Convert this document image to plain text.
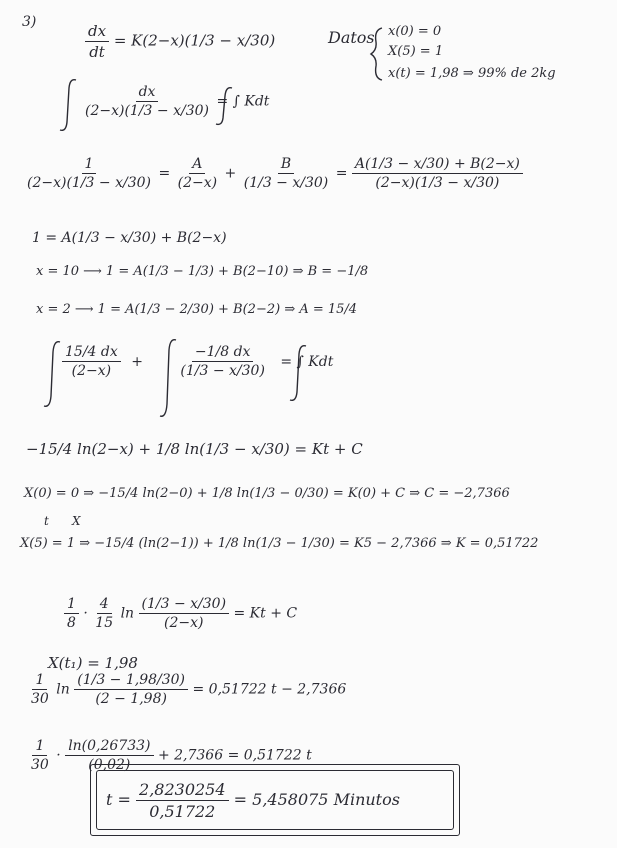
3)	$\frac{dx}{dt} = K(2-x)(1/3 - x/30)$	Datos x(0) = 0
X(5) = 1
x(t) = 1,98 ⇒ 99% de 2kg
$\frac{dx}{(2-x)(1/3 - x/30)}$ = ∫ Kdt
$\frac{1}{(2-x)(1/3 - x/30)} = \frac{A}{(2-x)} + \frac{B}{(1/3 - x/30)} = \frac{A(1/3 - x/30) + B(2-x)}{(2-x)(1/3 - x/30)}$
1 = A(1/3 − x/30) + B(2−x)
x = 10 ⟶ 1 = A(1/3 − 1/3) + B(2−10) ⇒ B = −1/8
x = 2 ⟶ 1 = A(1/3 − 2/30) + B(2−2) ⇒ A = 15/4
$\frac{15/4 dx}{(2-x)} + \frac{-1/8 dx}{(1/3 - x/30)}$ = ∫ Kdt
−15/4 ln(2−x) + 1/8 ln(1/3 − x/30) = Kt + C
X(0) = 0 ⇒ −15/4 ln(2−0) + 1/8 ln(1/3 − 0/30) = K(0) + C ⇒ C = −2,7366
t X
X(5) = 1 ⇒ −15/4 (ln(2−1)) + 1/8 ln(1/3 − 1/30) = K5 − 2,7366 ⇒ K = 0,51722
$\frac{1}{8} \cdot \frac{4}{15}$ $\ln \frac{(1/3 - x/30)}{(2-x)} = Kt + C$
X(t₁) = 1,98
$\frac{1}{30}$ $\ln \frac{(1/3 - 1,98/30)}{(2 - 1,98)} = 0,51722$ t − 2,7366
$\frac{1}{30} \cdot \frac{\ln(0,26733)}{(0,02)} + 2,7366 = 0,51722$ t
$t = \frac{2,8230254}{0,51722} = 5,458075$ Minutos
